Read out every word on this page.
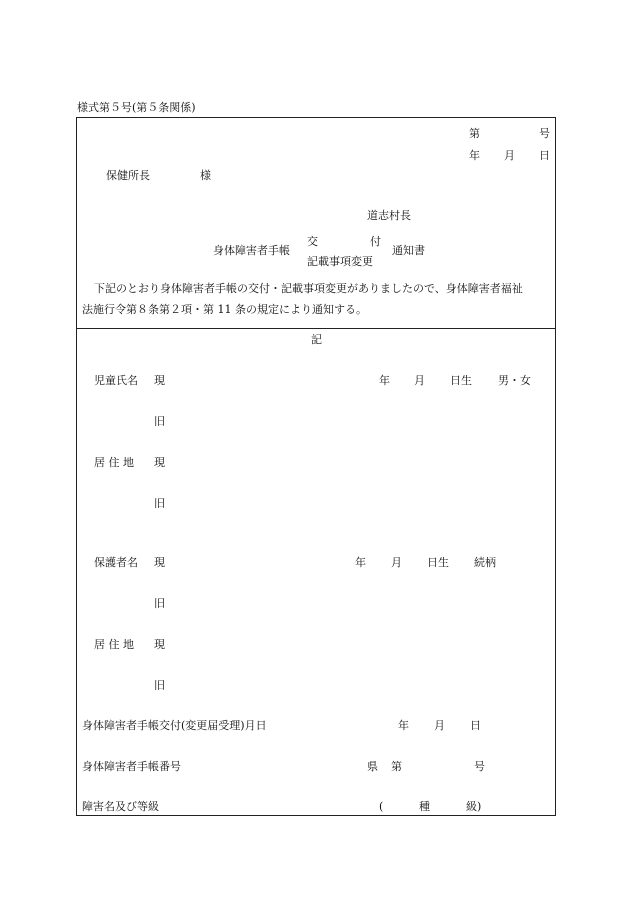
様式第５号(第５条関係)
第	号
年 月 日
保健所長	様
道志村長
身体障害者手帳
交	付
記載事項変更
通知書
下記のとおり身体障害者手帳の交付・記載事項変更がありましたので、身体障害者福祉
法施行令第８条第２項・第 11 条の規定により通知する。
記
児童氏名 現	年 月 日生 男・女
旧
居 住 地 現
旧
保護者名 現	年 月 日生 続柄
旧
居 住 地 現
旧
身体障害者手帳交付(変更届受理)月日	年 月 日
身体障害者手帳番号	県 第	号
障害名及び等級	(	種	級)
